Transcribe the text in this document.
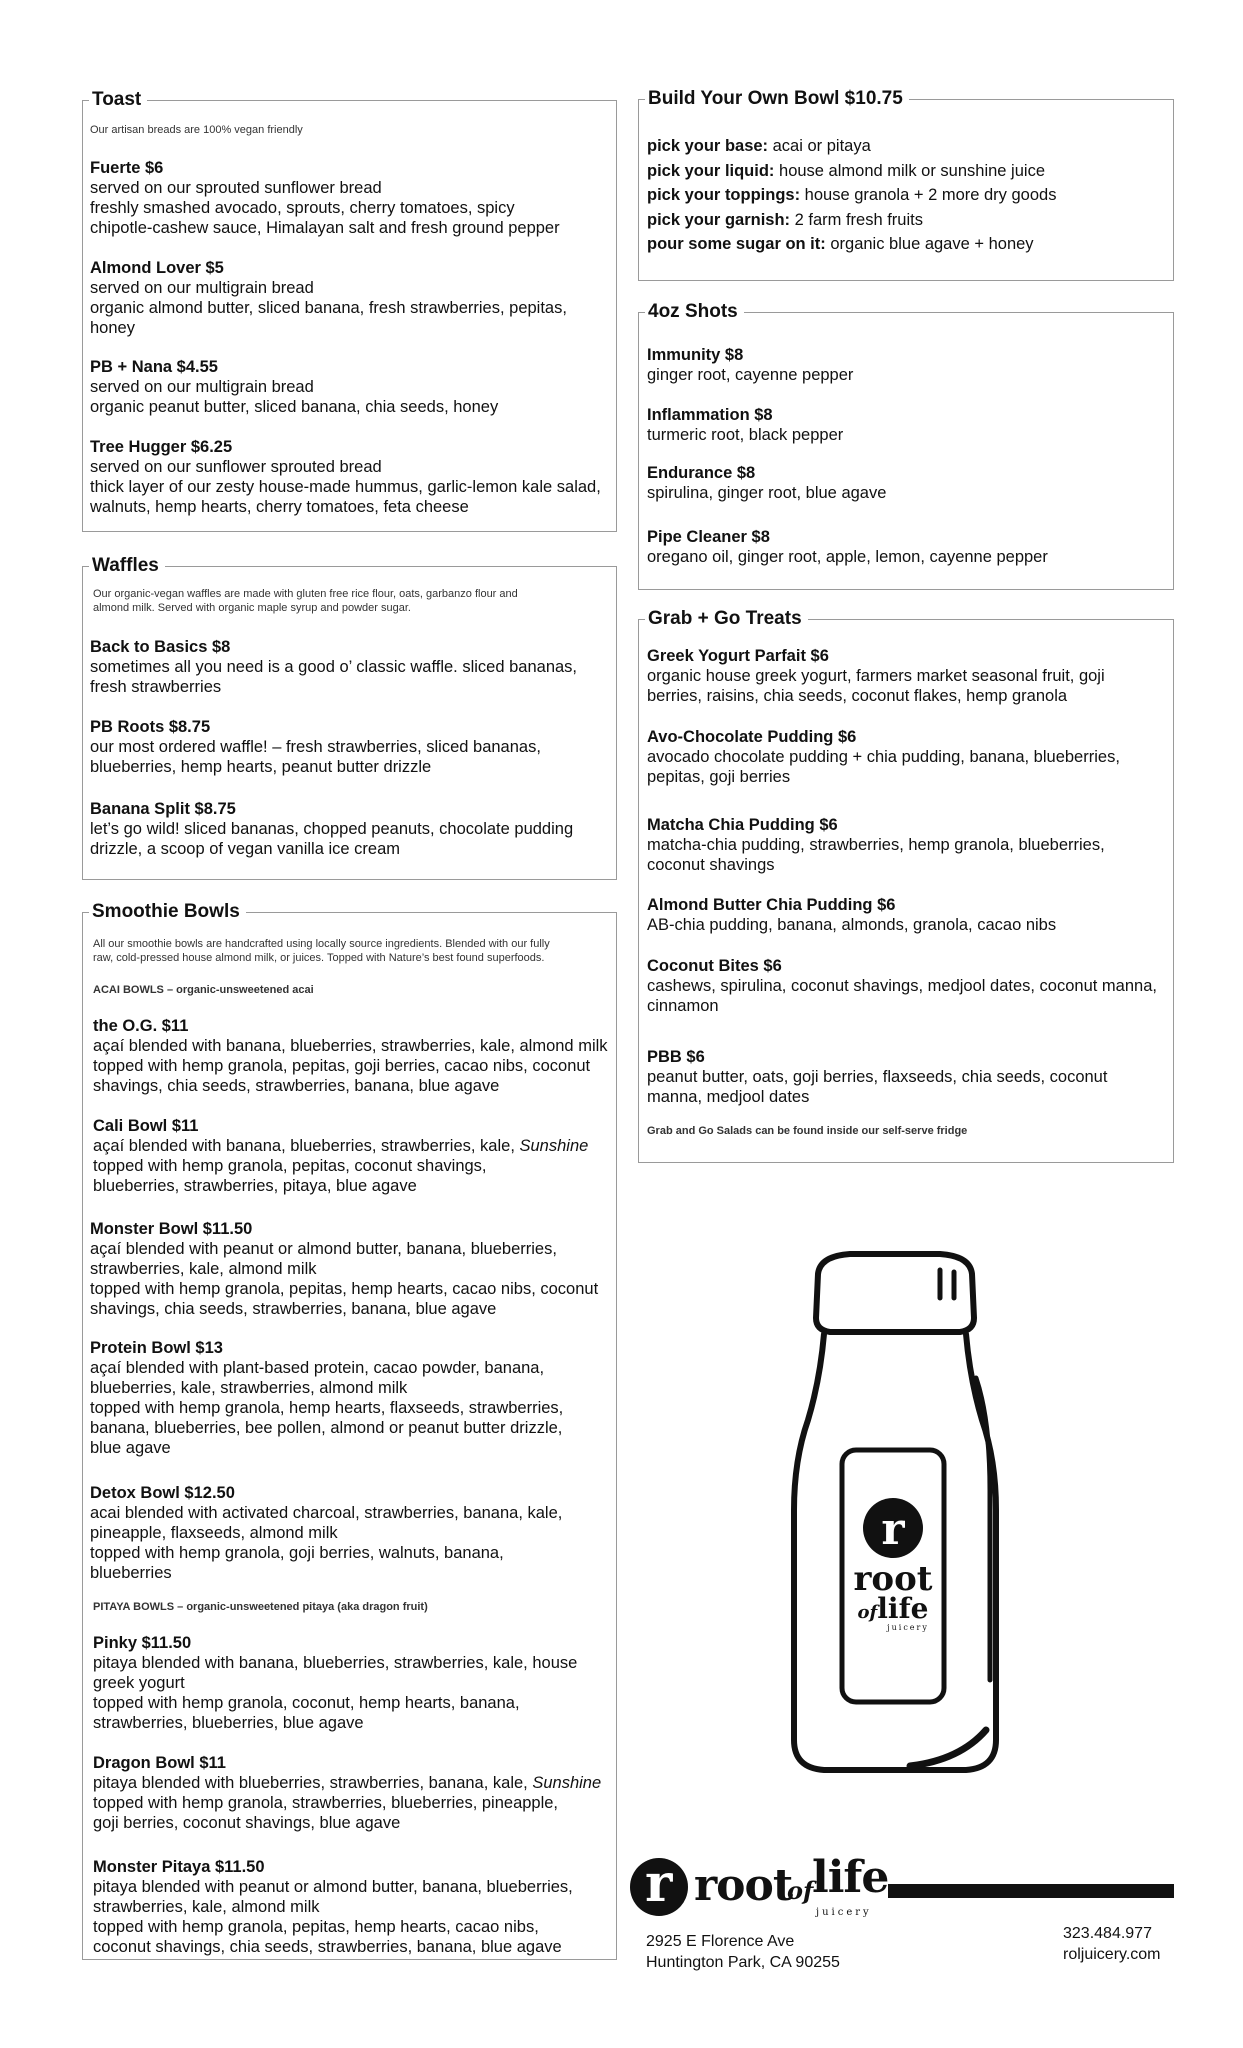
Toast
Our artisan breads are 100% vegan friendly
Fuerte $6
served on our sprouted sunflower bread
freshly smashed avocado, sprouts, cherry tomatoes, spicy
chipotle-cashew sauce, Himalayan salt and fresh ground pepper
Almond Lover $5
served on our multigrain bread
organic almond butter, sliced banana, fresh strawberries, pepitas,
honey
PB + Nana $4.55
served on our multigrain bread
organic peanut butter, sliced banana, chia seeds, honey
Tree Hugger $6.25
served on our sunflower sprouted bread
thick layer of our zesty house-made hummus, garlic-lemon kale salad,
walnuts, hemp hearts, cherry tomatoes, feta cheese
Waffles
Our organic-vegan waffles are made with gluten free rice flour, oats, garbanzo flour and
almond milk. Served with organic maple syrup and powder sugar.
Back to Basics $8
sometimes all you need is a good o’ classic waffle. sliced bananas,
fresh strawberries
PB Roots $8.75
our most ordered waffle! – fresh strawberries, sliced bananas,
blueberries, hemp hearts, peanut butter drizzle
Banana Split $8.75
let’s go wild! sliced bananas, chopped peanuts, chocolate pudding
drizzle, a scoop of vegan vanilla ice cream
Smoothie Bowls
All our smoothie bowls are handcrafted using locally source ingredients. Blended with our fully
raw, cold-pressed house almond milk, or juices. Topped with Nature’s best found superfoods.
ACAI BOWLS – organic-unsweetened acai
the O.G. $11
açaí blended with banana, blueberries, strawberries, kale, almond milk
topped with hemp granola, pepitas, goji berries, cacao nibs, coconut
shavings, chia seeds, strawberries, banana, blue agave
Cali Bowl $11
açaí blended with banana, blueberries, strawberries, kale, Sunshine
topped with hemp granola, pepitas, coconut shavings,
blueberries, strawberries, pitaya, blue agave
Monster Bowl $11.50
açaí blended with peanut or almond butter, banana, blueberries,
strawberries, kale, almond milk
topped with hemp granola, pepitas, hemp hearts, cacao nibs, coconut
shavings, chia seeds, strawberries, banana, blue agave
Protein Bowl $13
açaí blended with plant-based protein, cacao powder, banana,
blueberries, kale, strawberries, almond milk
topped with hemp granola, hemp hearts, flaxseeds, strawberries,
banana, blueberries, bee pollen, almond or peanut butter drizzle,
blue agave
Detox Bowl $12.50
acai blended with activated charcoal, strawberries, banana, kale,
pineapple, flaxseeds, almond milk
topped with hemp granola, goji berries, walnuts, banana,
blueberries
PITAYA BOWLS – organic-unsweetened pitaya (aka dragon fruit)
Pinky $11.50
pitaya blended with banana, blueberries, strawberries, kale, house
greek yogurt
topped with hemp granola, coconut, hemp hearts, banana,
strawberries, blueberries, blue agave
Dragon Bowl $11
pitaya blended with blueberries, strawberries, banana, kale, Sunshine
topped with hemp granola, strawberries, blueberries, pineapple,
goji berries, coconut shavings, blue agave
Monster Pitaya $11.50
pitaya blended with peanut or almond butter, banana, blueberries,
strawberries, kale, almond milk
topped with hemp granola, pepitas, hemp hearts, cacao nibs,
coconut shavings, chia seeds, strawberries, banana, blue agave
Build Your Own Bowl $10.75
pick your base: acai or pitaya
pick your liquid: house almond milk or sunshine juice
pick your toppings: house granola + 2 more dry goods
pick your garnish: 2 farm fresh fruits
pour some sugar on it: organic blue agave + honey
4oz Shots
Immunity $8
ginger root, cayenne pepper
Inflammation $8
turmeric root, black pepper
Endurance $8
spirulina, ginger root, blue agave
Pipe Cleaner $8
oregano oil, ginger root, apple, lemon, cayenne pepper
Grab + Go Treats
Greek Yogurt Parfait $6
organic house greek yogurt, farmers market seasonal fruit, goji
berries, raisins, chia seeds, coconut flakes, hemp granola
Avo-Chocolate Pudding $6
avocado chocolate pudding + chia pudding, banana, blueberries,
pepitas, goji berries
Matcha Chia Pudding $6
matcha-chia pudding, strawberries, hemp granola, blueberries,
coconut shavings
Almond Butter Chia Pudding $6
AB-chia pudding, banana, almonds, granola, cacao nibs
Coconut Bites $6
cashews, spirulina, coconut shavings, medjool dates, coconut manna,
cinnamon
PBB $6
peanut butter, oats, goji berries, flaxseeds, chia seeds, coconut
manna, medjool dates
Grab and Go Salads can be found inside our self-serve fridge
r
root
oflife
juicery
r root
of
life
juicery
2925 E Florence Ave
Huntington Park, CA 90255
323.484.977
roljuicery.com
